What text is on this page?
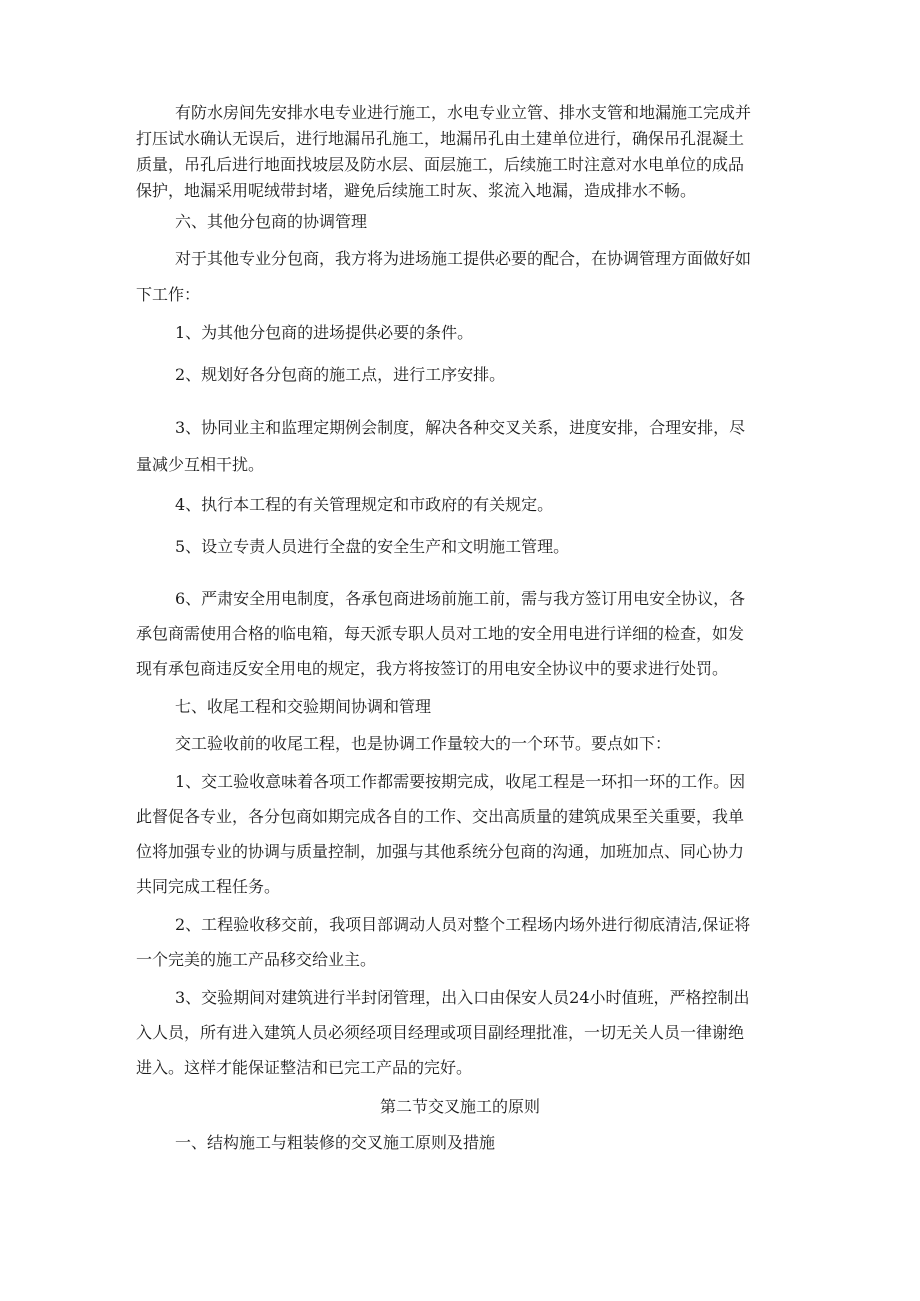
有防水房间先安排水电专业进行施工，水电专业立管、排水支管和地漏施工完成并
打压试水确认无误后，进行地漏吊孔施工，地漏吊孔由土建单位进行，确保吊孔混凝土
质量，吊孔后进行地面找坡层及防水层、面层施工，后续施工时注意对水电单位的成品
保护，地漏采用呢绒带封堵，避免后续施工时灰、浆流入地漏，造成排水不畅。
六、其他分包商的协调管理
对于其他专业分包商，我方将为进场施工提供必要的配合，在协调管理方面做好如
下工作：
1、为其他分包商的进场提供必要的条件。
2、规划好各分包商的施工点，进行工序安排。
3、协同业主和监理定期例会制度，解决各种交叉关系，进度安排，合理安排，尽
量减少互相干扰。
4、执行本工程的有关管理规定和市政府的有关规定。
5、设立专责人员进行全盘的安全生产和文明施工管理。
6、严肃安全用电制度，各承包商进场前施工前，需与我方签订用电安全协议，各
承包商需使用合格的临电箱，每天派专职人员对工地的安全用电进行详细的检查，如发
现有承包商违反安全用电的规定，我方将按签订的用电安全协议中的要求进行处罚。
七、收尾工程和交验期间协调和管理
交工验收前的收尾工程，也是协调工作量较大的一个环节。要点如下：
1、交工验收意味着各项工作都需要按期完成，收尾工程是一环扣一环的工作。因
此督促各专业，各分包商如期完成各自的工作、交出高质量的建筑成果至关重要，我单
位将加强专业的协调与质量控制，加强与其他系统分包商的沟通，加班加点、同心协力
共同完成工程任务。
2、工程验收移交前，我项目部调动人员对整个工程场内场外进行彻底清洁,保证将
一个完美的施工产品移交给业主。
3、交验期间对建筑进行半封闭管理，出入口由保安人员24小时值班，严格控制出
入人员，所有进入建筑人员必须经项目经理或项目副经理批准，一切无关人员一律谢绝
进入。这样才能保证整洁和已完工产品的完好。
第二节交叉施工的原则
一、结构施工与粗装修的交叉施工原则及措施
